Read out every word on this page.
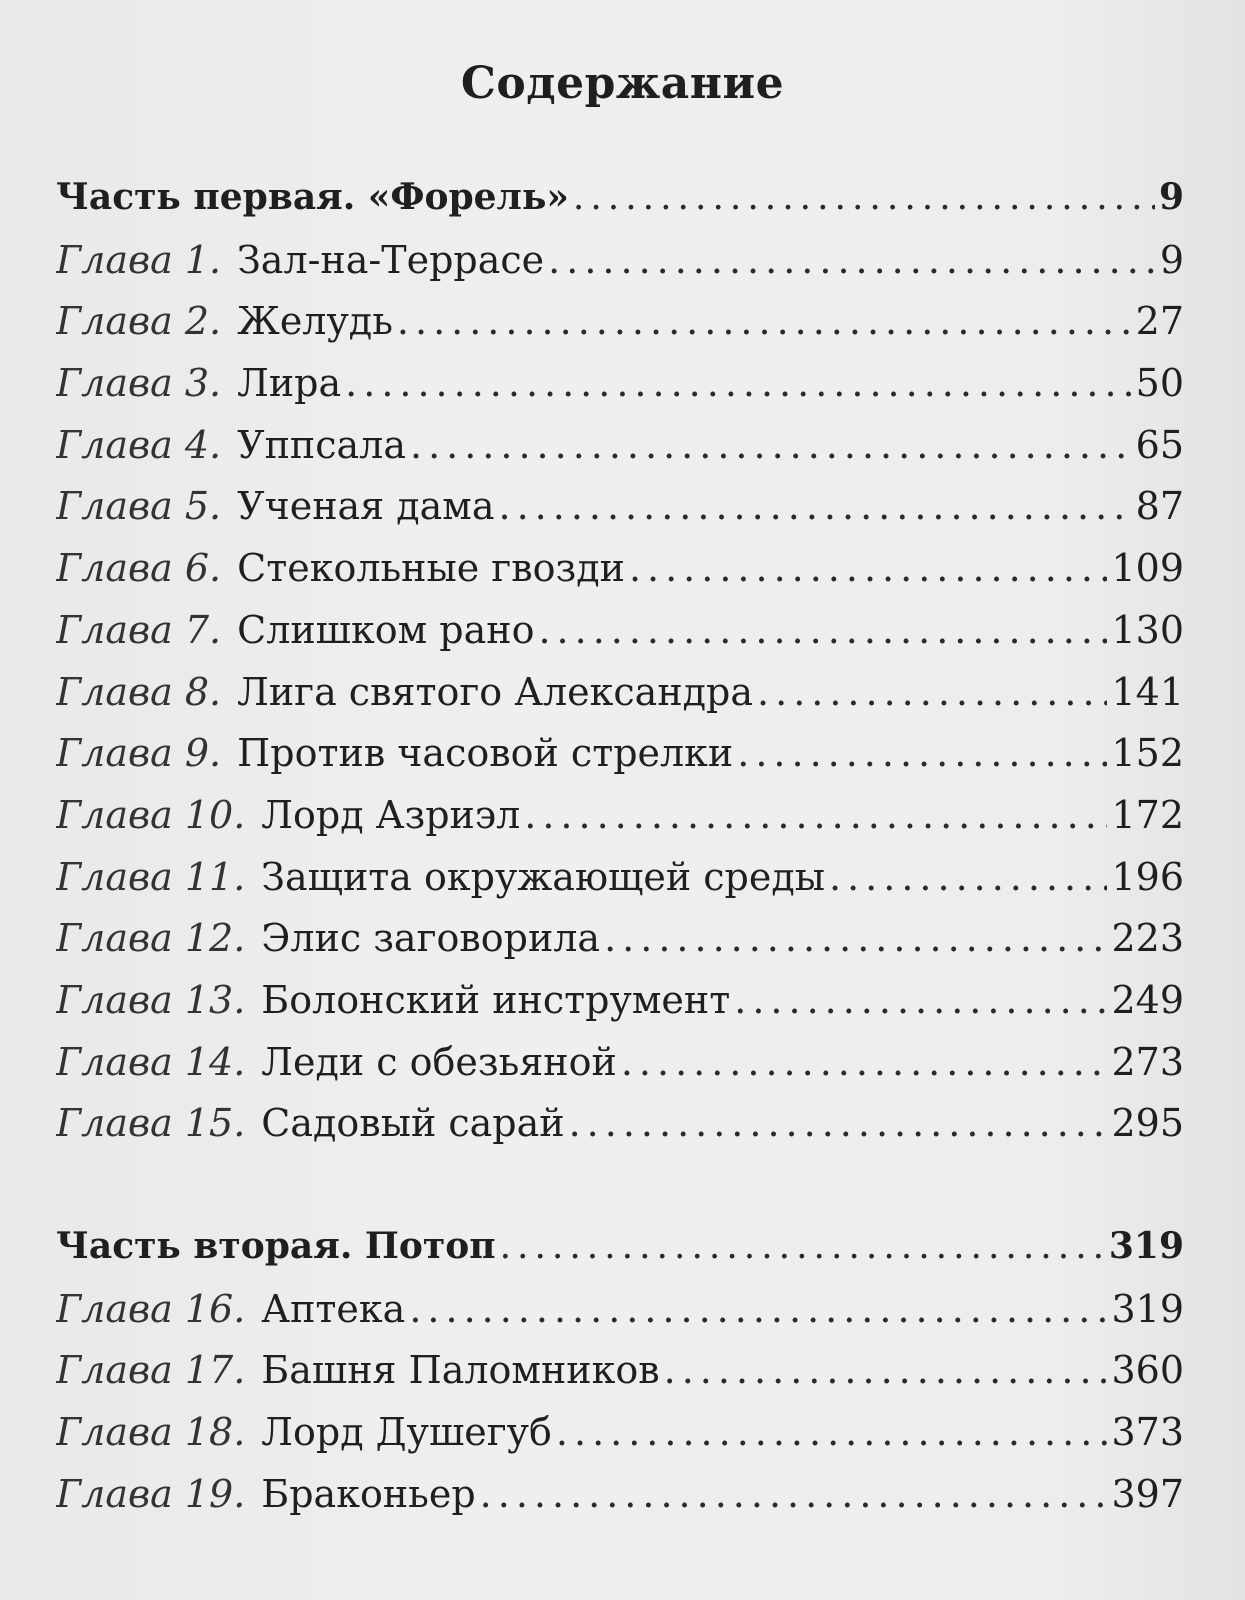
Содержание
Часть первая. «Форель» .....	9
Глава 1. Зал-на-Террасе .....	9
Глава 2. Желудь .....	27
Глава 3. Лира .....	50
Глава 4. Уппсала .....	65
Глава 5. Ученая дама .....	87
Глава 6. Стекольные гвозди .....	109
Глава 7. Слишком рано .....	130
Глава 8. Лига святого Александра .....	141
Глава 9. Против часовой стрелки .....	152
Глава 10. Лорд Азриэл .....	172
Глава 11. Защита окружающей среды .....	196
Глава 12. Элис заговорила .....	223
Глава 13. Болонский инструмент .....	249
Глава 14. Леди с обезьяной .....	273
Глава 15. Садовый сарай .....	295
Часть вторая. Потоп .....	319
Глава 16. Аптека .....	319
Глава 17. Башня Паломников .....	360
Глава 18. Лорд Душегуб .....	373
Глава 19. Браконьер .....	397
